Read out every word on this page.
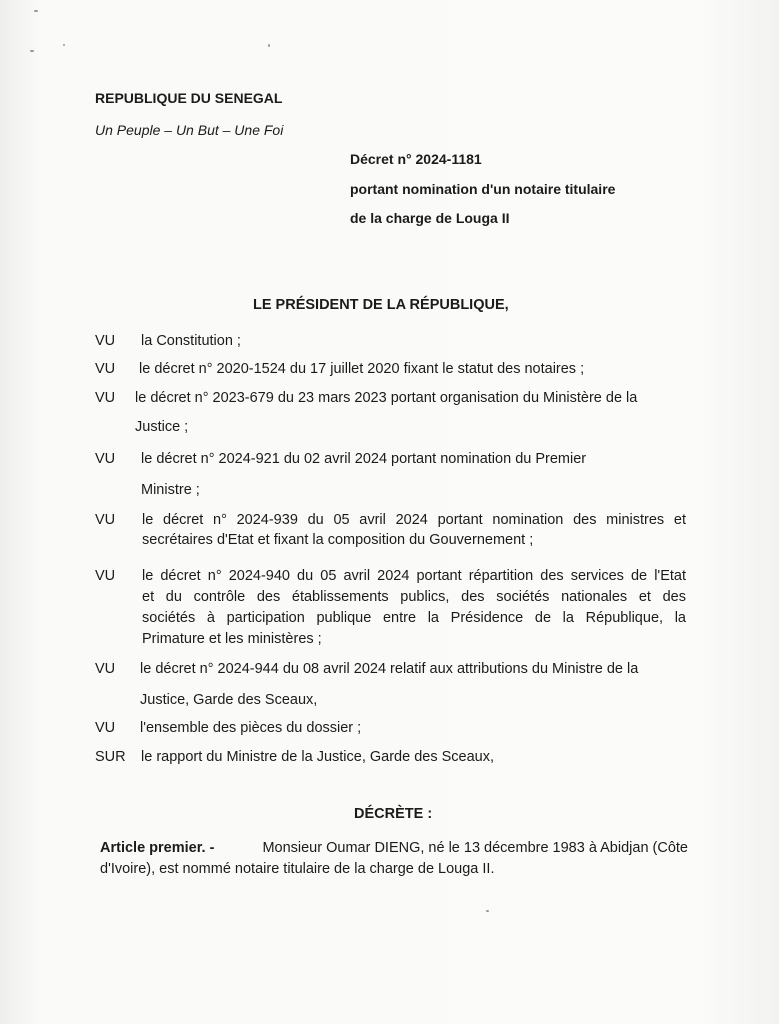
REPUBLIQUE DU SENEGAL
Un Peuple – Un But – Une Foi
Décret n° 2024-1181
portant nomination d'un notaire titulaire
de la charge de Louga II
LE PRÉSIDENT DE LA RÉPUBLIQUE,
VU la Constitution ;
VU le décret n° 2020-1524 du 17 juillet 2020 fixant le statut des notaires ;
VU le décret n° 2023-679 du 23 mars 2023 portant organisation du Ministère de la
Justice ;
VU le décret n° 2024-921 du 02 avril 2024 portant nomination du Premier
Ministre ;
VU le décret n° 2024-939 du 05 avril 2024 portant nomination des ministres et
secrétaires d'Etat et fixant la composition du Gouvernement ;
VU le décret n° 2024-940 du 05 avril 2024 portant répartition des services de l'Etat
et du contrôle des établissements publics, des sociétés nationales et des
sociétés à participation publique entre la Présidence de la République, la
Primature et les ministères ;
VU le décret n° 2024-944 du 08 avril 2024 relatif aux attributions du Ministre de la
Justice, Garde des Sceaux,
VU l'ensemble des pièces du dossier ;
SUR le rapport du Ministre de la Justice, Garde des Sceaux,
DÉCRÈTE :
Article premier. -	Monsieur Oumar DIENG, né le 13 décembre 1983 à Abidjan (Côte
d'Ivoire), est nommé notaire titulaire de la charge de Louga II.
